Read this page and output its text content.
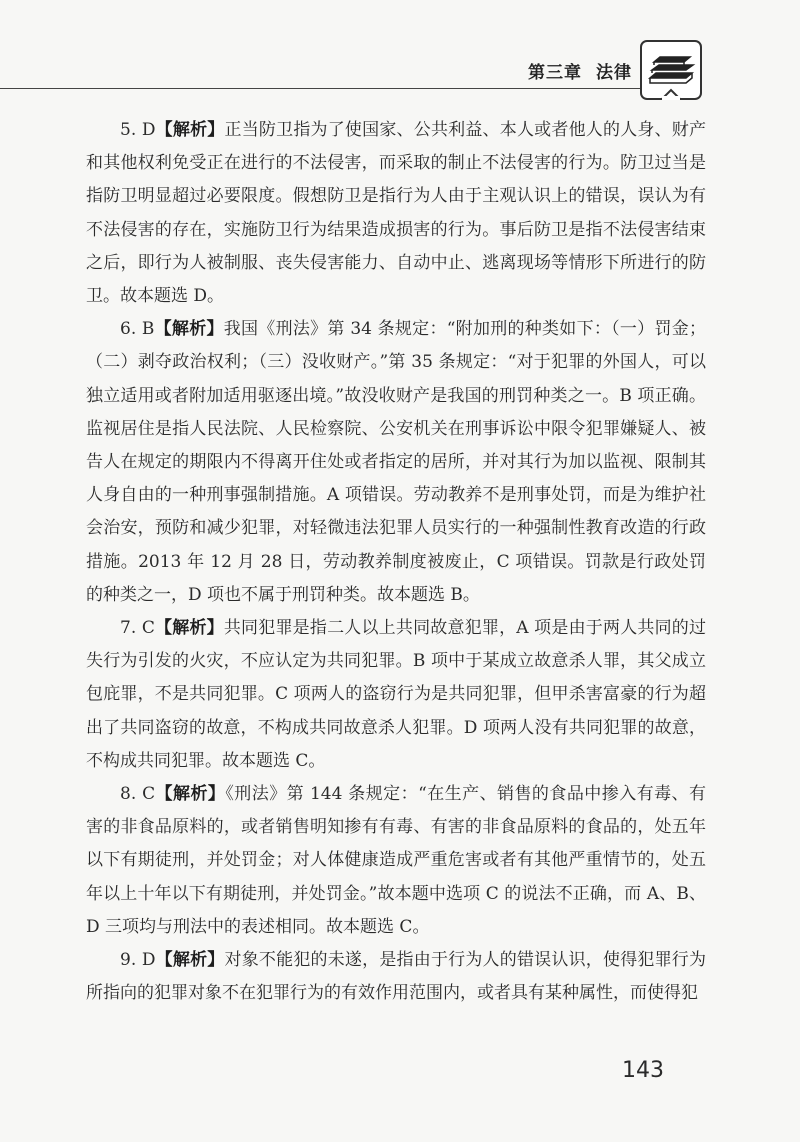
第三章 法律

5. D【解析】正当防卫指为了使国家、公共利益、本人或者他人的人身、财产和其他权利免受正在进行的不法侵害，而采取的制止不法侵害的行为。防卫过当是指防卫明显超过必要限度。假想防卫是指行为人由于主观认识上的错误，误认为有不法侵害的存在，实施防卫行为结果造成损害的行为。事后防卫是指不法侵害结束之后，即行为人被制服、丧失侵害能力、自动中止、逃离现场等情形下所进行的防卫。故本题选 D。

6. B【解析】我国《刑法》第 34 条规定：“附加刑的种类如下：（一）罚金；（二）剥夺政治权利；（三）没收财产。”第 35 条规定：“对于犯罪的外国人，可以独立适用或者附加适用驱逐出境。”故没收财产是我国的刑罚种类之一。B 项正确。监视居住是指人民法院、人民检察院、公安机关在刑事诉讼中限令犯罪嫌疑人、被告人在规定的期限内不得离开住处或者指定的居所，并对其行为加以监视、限制其人身自由的一种刑事强制措施。A 项错误。劳动教养不是刑事处罚，而是为维护社会治安，预防和减少犯罪，对轻微违法犯罪人员实行的一种强制性教育改造的行政措施。2013 年 12 月 28 日，劳动教养制度被废止，C 项错误。罚款是行政处罚的种类之一，D 项也不属于刑罚种类。故本题选 B。

7. C【解析】共同犯罪是指二人以上共同故意犯罪，A 项是由于两人共同的过失行为引发的火灾，不应认定为共同犯罪。B 项中于某成立故意杀人罪，其父成立包庇罪，不是共同犯罪。C 项两人的盗窃行为是共同犯罪，但甲杀害富豪的行为超出了共同盗窃的故意，不构成共同故意杀人犯罪。D 项两人没有共同犯罪的故意，不构成共同犯罪。故本题选 C。

8. C【解析】《刑法》第 144 条规定：“在生产、销售的食品中掺入有毒、有害的非食品原料的，或者销售明知掺有有毒、有害的非食品原料的食品的，处五年以下有期徒刑，并处罚金；对人体健康造成严重危害或者有其他严重情节的，处五年以上十年以下有期徒刑，并处罚金。”故本题中选项 C 的说法不正确，而 A、B、D 三项均与刑法中的表述相同。故本题选 C。

9. D【解析】对象不能犯的未遂，是指由于行为人的错误认识，使得犯罪行为所指向的犯罪对象不在犯罪行为的有效作用范围内，或者具有某种属性，而使得犯

143
